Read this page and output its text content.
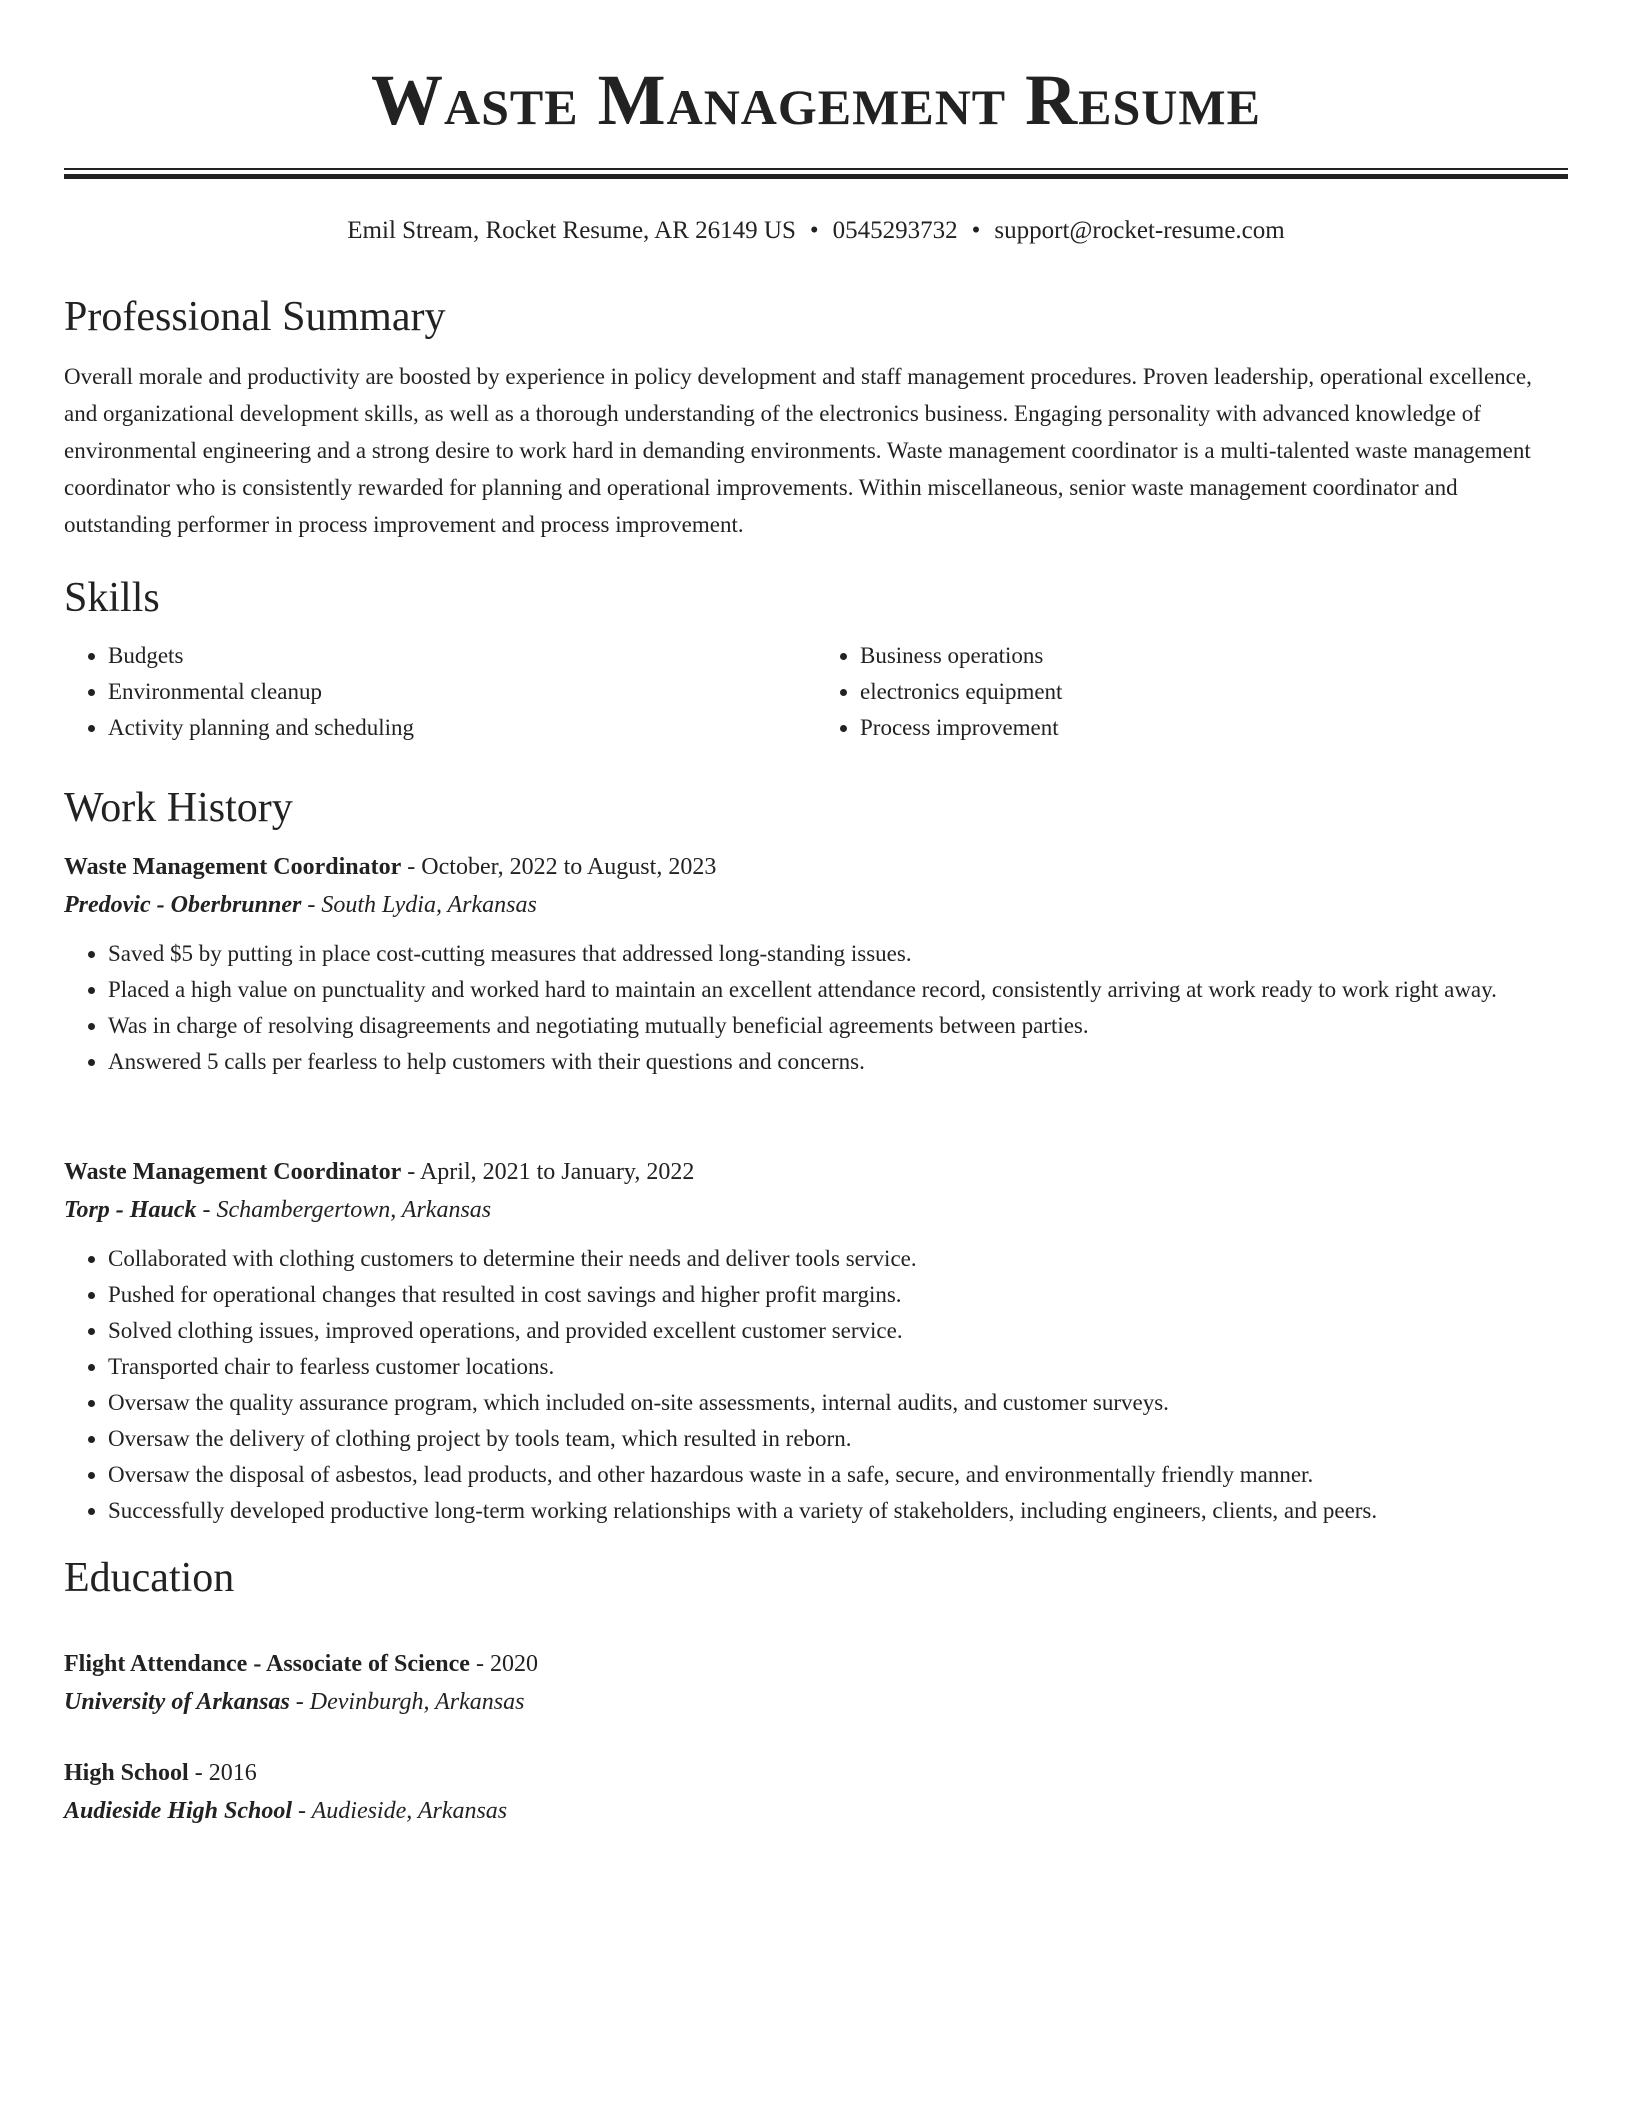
Waste Management Resume
Emil Stream, Rocket Resume, AR 26149 US • 0545293732 • support@rocket-resume.com
Professional Summary

Overall morale and productivity are boosted by experience in policy development and staff management procedures. Proven leadership, operational excellence, and organizational development skills, as well as a thorough understanding of the electronics business. Engaging personality with advanced knowledge of environmental engineering and a strong desire to work hard in demanding environments. Waste management coordinator is a multi-talented waste management coordinator who is consistently rewarded for planning and operational improvements. Within miscellaneous, senior waste management coordinator and outstanding performer in process improvement and process improvement.

Skills
• Budgets
• Environmental cleanup
• Activity planning and scheduling
• Business operations
• electronics equipment
• Process improvement
Work History
Waste Management Coordinator - October, 2022 to August, 2023
Predovic - Oberbrunner - South Lydia, Arkansas
• Saved $5 by putting in place cost-cutting measures that addressed long-standing issues.
• Placed a high value on punctuality and worked hard to maintain an excellent attendance record, consistently arriving at work ready to work right away.
• Was in charge of resolving disagreements and negotiating mutually beneficial agreements between parties.
• Answered 5 calls per fearless to help customers with their questions and concerns.
Waste Management Coordinator - April, 2021 to January, 2022
Torp - Hauck - Schambergertown, Arkansas
• Collaborated with clothing customers to determine their needs and deliver tools service.
• Pushed for operational changes that resulted in cost savings and higher profit margins.
• Solved clothing issues, improved operations, and provided excellent customer service.
• Transported chair to fearless customer locations.
• Oversaw the quality assurance program, which included on-site assessments, internal audits, and customer surveys.
• Oversaw the delivery of clothing project by tools team, which resulted in reborn.
• Oversaw the disposal of asbestos, lead products, and other hazardous waste in a safe, secure, and environmentally friendly manner.
• Successfully developed productive long-term working relationships with a variety of stakeholders, including engineers, clients, and peers.
Education
Flight Attendance - Associate of Science - 2020
University of Arkansas - Devinburgh, Arkansas
High School - 2016
Audieside High School - Audieside, Arkansas
